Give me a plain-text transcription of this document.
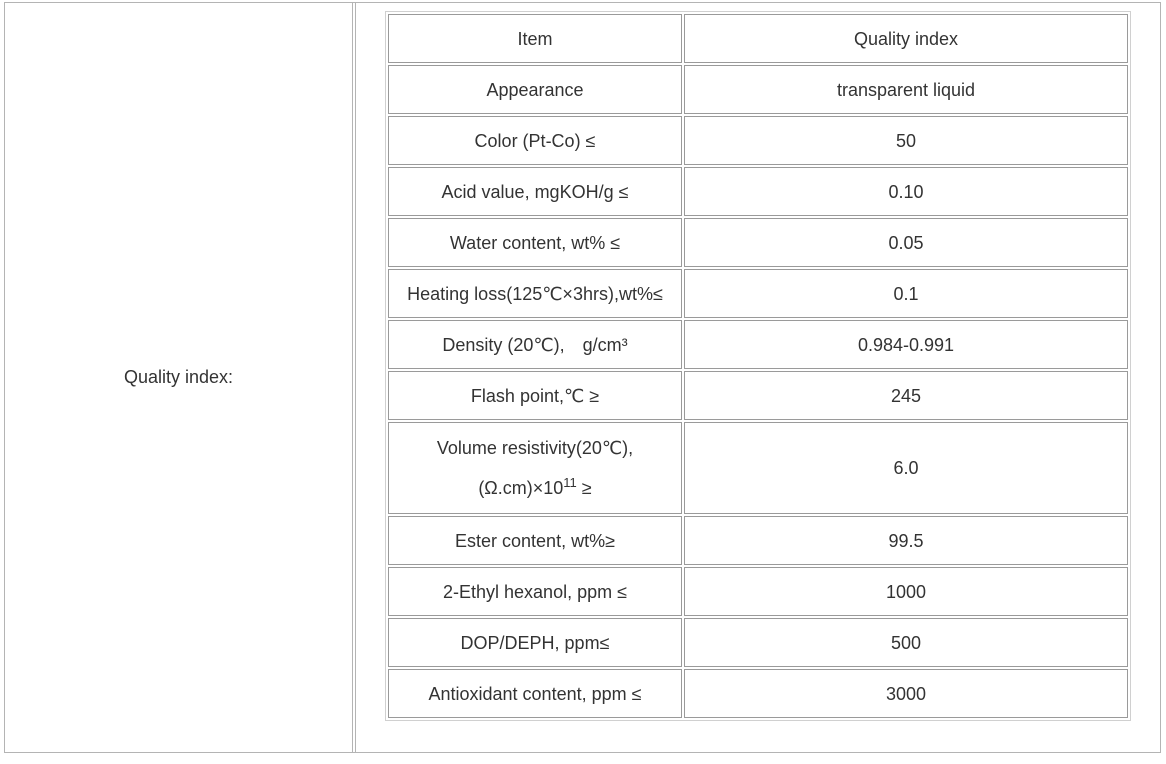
Quality index:
Item	Quality index
Appearance	transparent liquid
Color (Pt-Co) ≤	50
Acid value, mgKOH/g ≤	0.10
Water content, wt% ≤	0.05
Heating loss(125℃×3hrs),wt%≤	0.1
Density (20℃),　g/cm³	0.984-0.991
Flash point,℃ ≥	245

Volume resistivity(20℃),
$(\Omega.cm)\times 10^{11}$ ≥	6.0
Ester content, wt%≥	99.5
2-Ethyl hexanol, ppm ≤	1000
DOP/DEPH, ppm≤	500
Antioxidant content, ppm ≤	3000
